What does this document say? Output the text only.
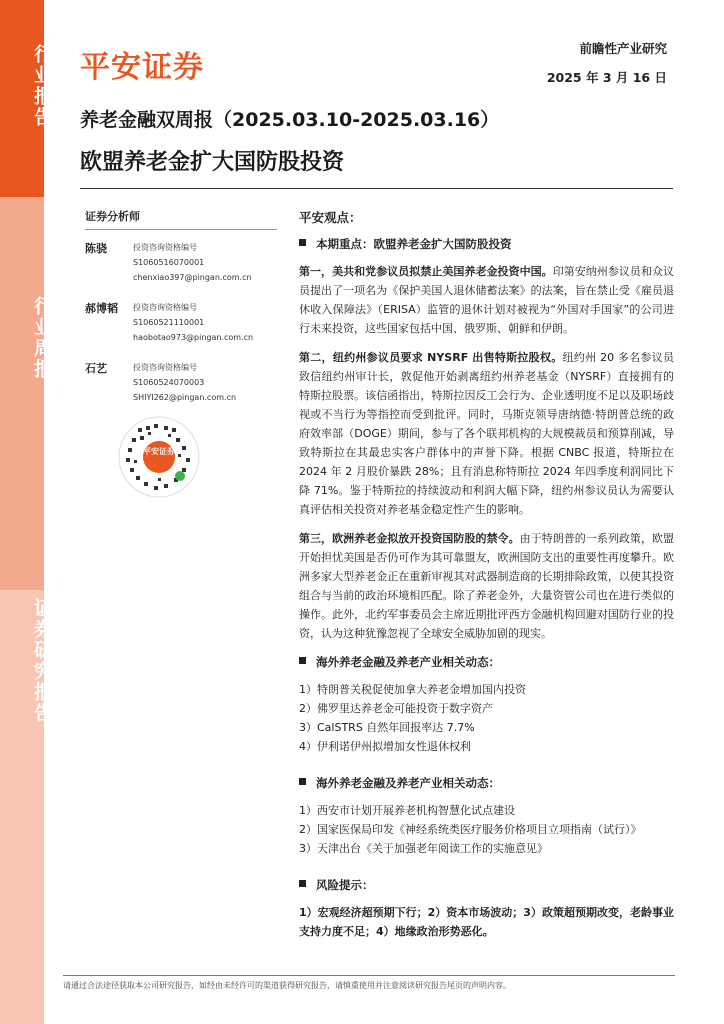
行业报告
行业周报
证券研究报告
平安证券
前瞻性产业研究
2025 年 3 月 16 日
养老金融双周报（2025.03.10-2025.03.16）
欧盟养老金扩大国防股投资
证券分析师
陈骁	投资咨询资格编号
S1060516070001
chenxiao397@pingan.com.cn
郝博韬 投资咨询资格编号
S1060521110001
haobotao973@pingan.com.cn
石艺	投资咨询资格编号
S1060524070003
SHIYI262@pingan.com.cn
平安证券
平安观点：
本期重点：欧盟养老金扩大国防股投资

第一，美共和党参议员拟禁止美国养老金投资中国。印第安纳州参议员和众议员提出了一项名为《保护美国人退休储蓄法案》的法案，旨在禁止受《雇员退休收入保障法》（ERISA）监管的退休计划对被视为“外国对手国家”的公司进行未来投资，这些国家包括中国、俄罗斯、朝鲜和伊朗。

第二，纽约州参议员要求 NYSRF 出售特斯拉股权。纽约州 20 多名参议员致信纽约州审计长，敦促他开始剥离纽约州养老基金（NYSRF）直接拥有的特斯拉股票。该信函指出，特斯拉因反工会行为、企业透明度不足以及职场歧视或不当行为等指控而受到批评。同时，马斯克领导唐纳德·特朗普总统的政府效率部（DOGE）期间，参与了各个联邦机构的大规模裁员和预算削减，导致特斯拉在其最忠实客户群体中的声誉下降。根据 CNBC 报道，特斯拉在 2024 年 2 月股价暴跌 28%；且有消息称特斯拉 2024 年四季度利润同比下降 71%。鉴于特斯拉的持续波动和利润大幅下降，纽约州参议员认为需要认真评估相关投资对养老基金稳定性产生的影响。

第三，欧洲养老金拟放开投资国防股的禁令。由于特朗普的一系列政策，欧盟开始担忧美国是否仍可作为其可靠盟友，欧洲国防支出的重要性再度攀升。欧洲多家大型养老金正在重新审视其对武器制造商的长期排除政策，以使其投资组合与当前的政治环境相匹配。除了养老金外，大量资管公司也在进行类似的操作。此外，北约军事委员会主席近期批评西方金融机构回避对国防行业的投资，认为这种犹豫忽视了全球安全威胁加剧的现实。

海外养老金融及养老产业相关动态：
1）特朗普关税促使加拿大养老金增加国内投资
2）佛罗里达养老金可能投资于数字资产
3）CalSTRS 自然年回报率达 7.7%
4）伊利诺伊州拟增加女性退休权利
海外养老金融及养老产业相关动态：
1）西安市计划开展养老机构智慧化试点建设
2）国家医保局印发《神经系统类医疗服务价格项目立项指南（试行）》
3）天津出台《关于加强老年阅读工作的实施意见》
风险提示：
1）宏观经济超预期下行；2）资本市场波动；3）政策超预期改变，老龄事业支持力度不足；4）地缘政治形势恶化。
请通过合法途径获取本公司研究报告，如经由未经许可的渠道获得研究报告，请慎重使用并注意阅读研究报告尾页的声明内容。
